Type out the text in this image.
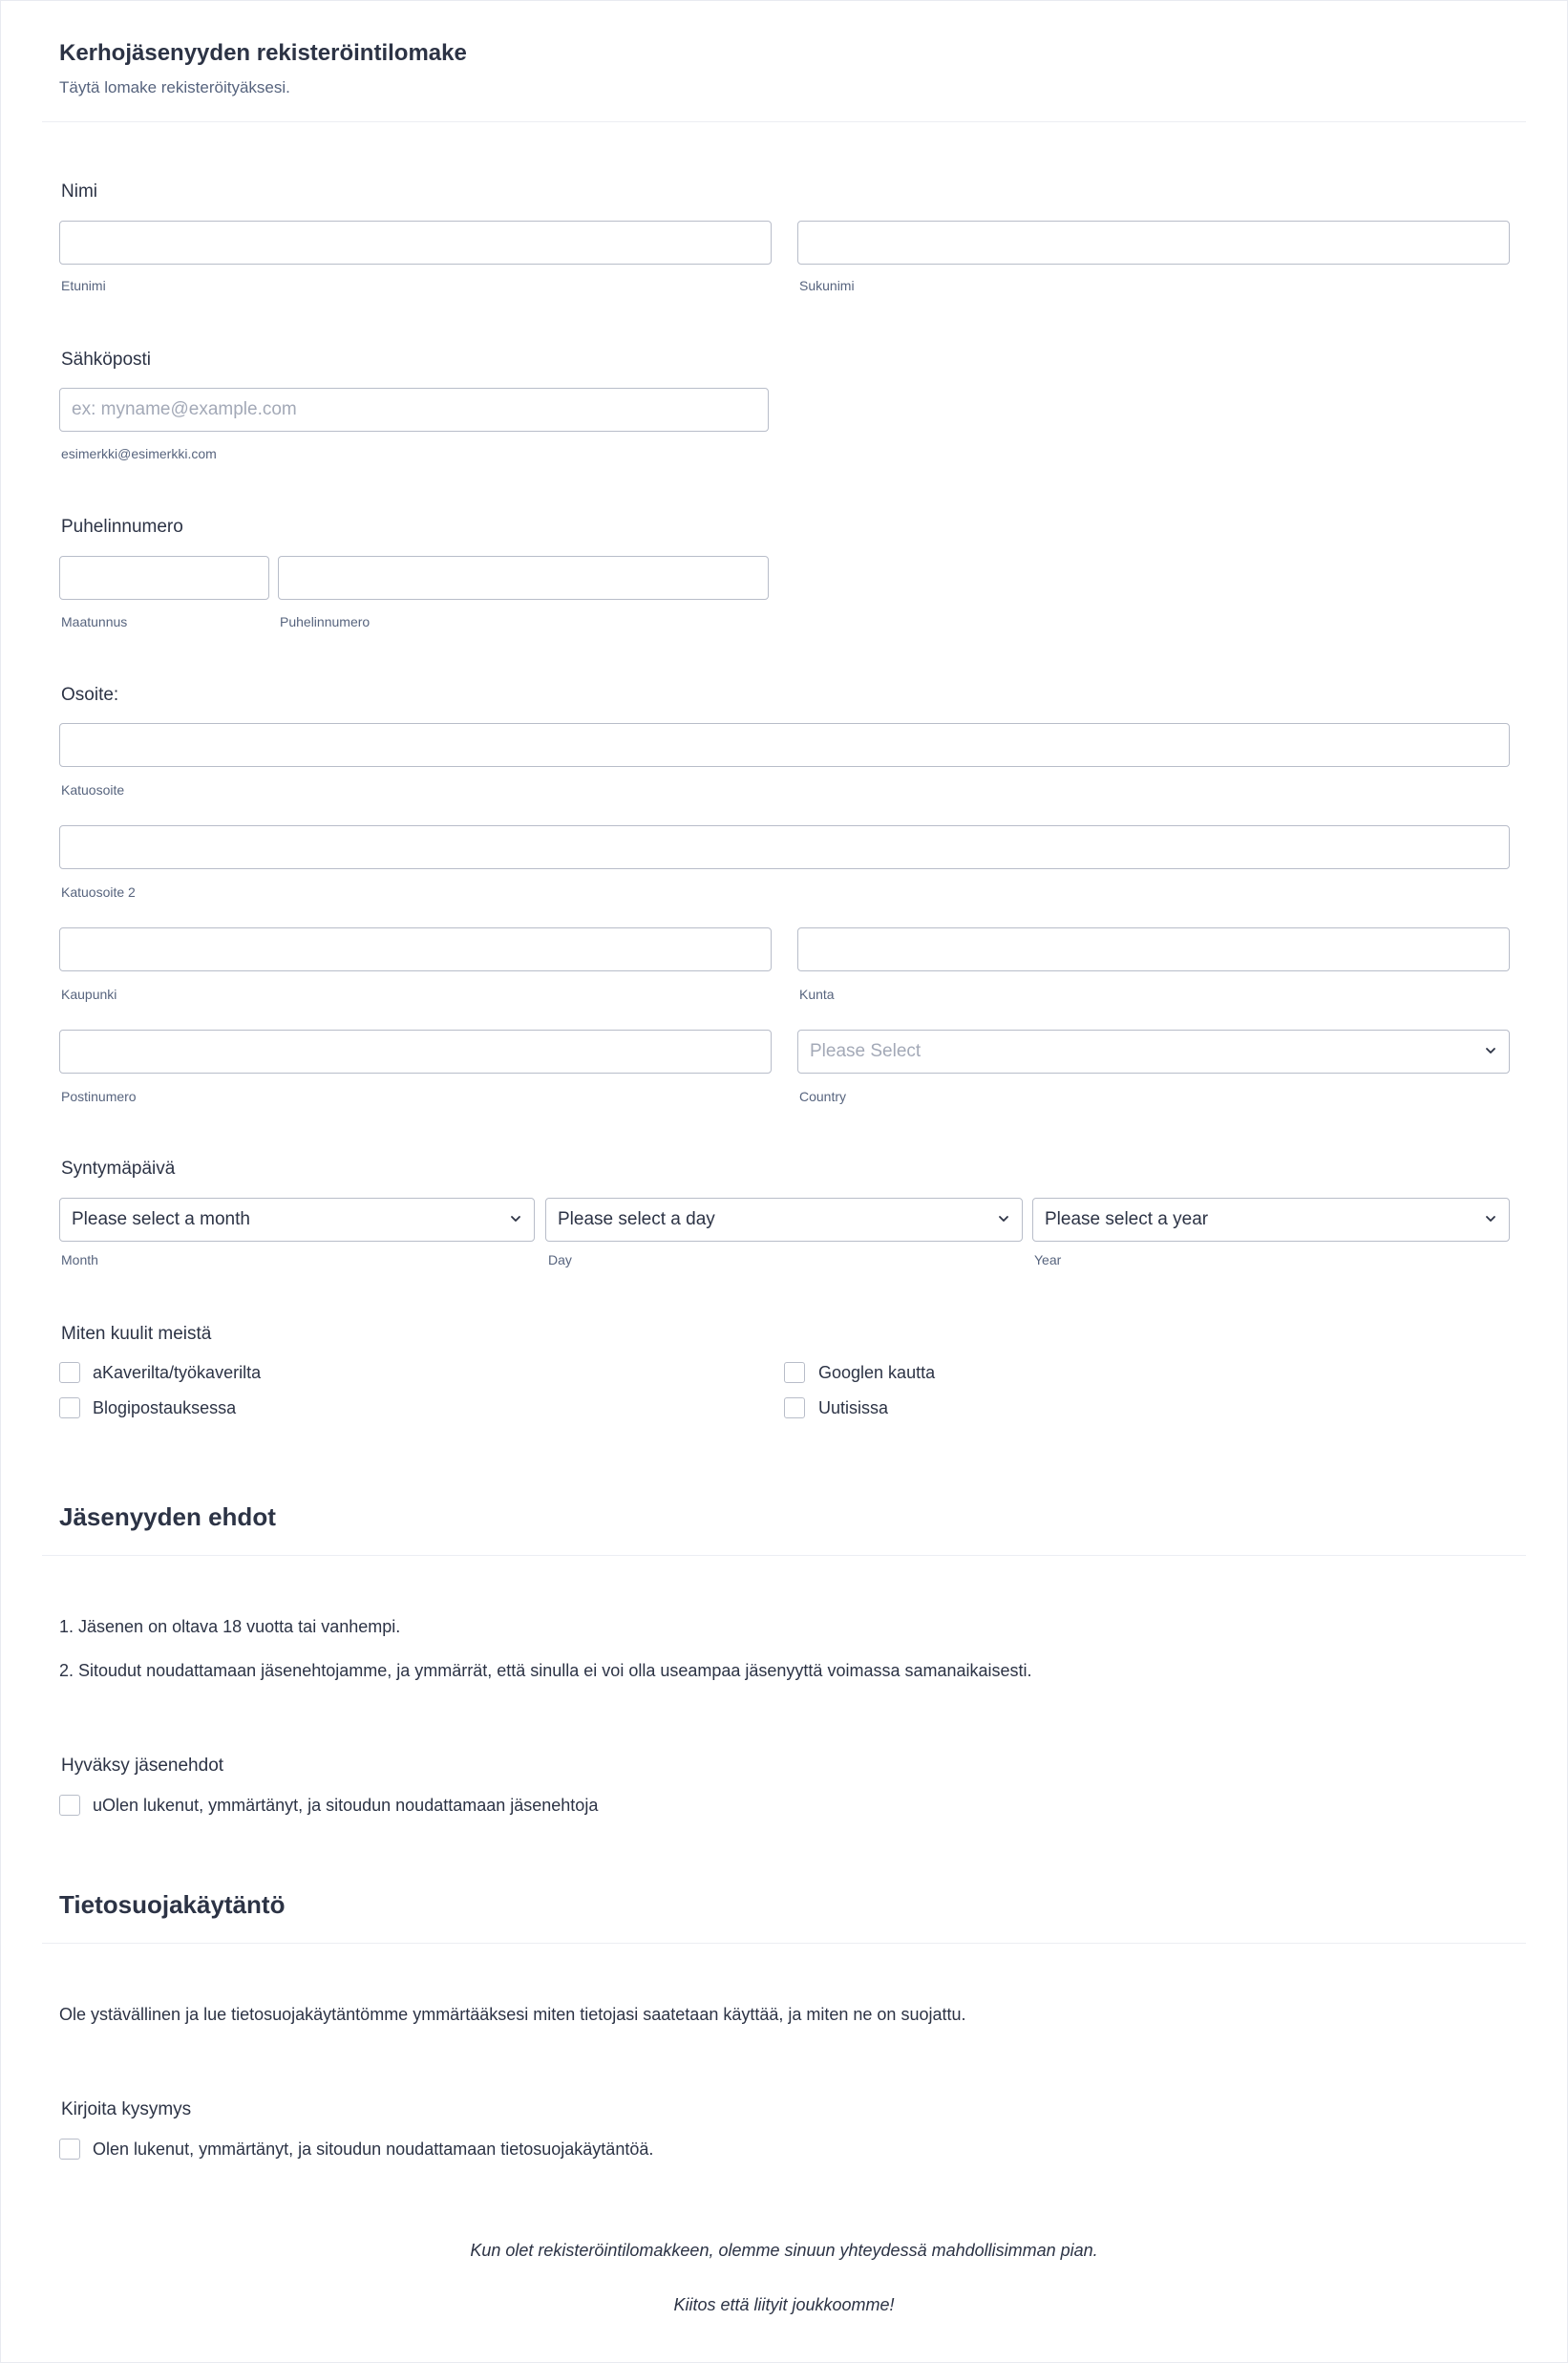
Kerhojäsenyyden rekisteröintilomake
Täytä lomake rekisteröityäksesi.
Nimi
Etunimi	Sukunimi
Sähköposti
ex: myname@example.com
esimerkki@esimerkki.com
Puhelinnumero
Maatunnus	Puhelinnumero
Osoite:
Katuosoite
Katuosoite 2
Kaupunki	Kunta
Please Select
Postinumero	Country
Syntymäpäivä
Please select a month	Please select a day	Please select a year
Month	Day	Year
Miten kuulit meistä
aKaverilta/työkaverilta	Googlen kautta
Blogipostauksessa	Uutisissa
Jäsenyyden ehdot
1. Jäsenen on oltava 18 vuotta tai vanhempi.
2. Sitoudut noudattamaan jäsenehtojamme, ja ymmärrät, että sinulla ei voi olla useampaa jäsenyyttä voimassa samanaikaisesti.
Hyväksy jäsenehdot
uOlen lukenut, ymmärtänyt, ja sitoudun noudattamaan jäsenehtoja
Tietosuojakäytäntö
Ole ystävällinen ja lue tietosuojakäytäntömme ymmärtääksesi miten tietojasi saatetaan käyttää, ja miten ne on suojattu.
Kirjoita kysymys
Olen lukenut, ymmärtänyt, ja sitoudun noudattamaan tietosuojakäytäntöä.
Kun olet rekisteröintilomakkeen, olemme sinuun yhteydessä mahdollisimman pian.
Kiitos että liityit joukkoomme!
